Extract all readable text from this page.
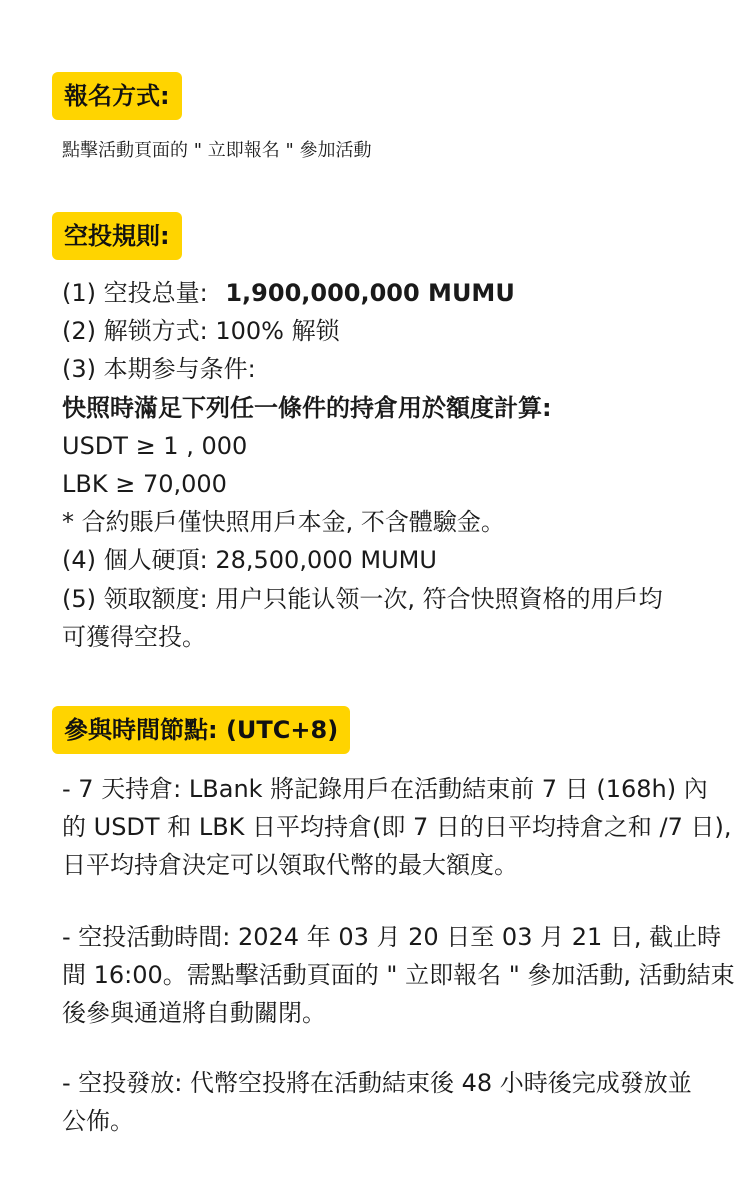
報名方式:
點擊活動頁面的 " 立即報名 " 參加活動
空投規則:
(1) 空投总量: 1,900,000,000 MUMU
(2) 解锁方式: 100% 解锁
(3) 本期参与条件:
快照時滿足下列任一條件的持倉用於額度計算:
USDT ≥ 1 , 000
LBK ≥ 70,000
* 合約賬戶僅快照用戶本金, 不含體驗金。
(4) 個人硬頂: 28,500,000 MUMU
(5) 领取额度: 用户只能认领一次, 符合快照資格的用戶均
可獲得空投。
參與時間節點: (UTC+8)
- 7 天持倉: LBank 將記錄用戶在活動結束前 7 日 (168h) 內
的 USDT 和 LBK 日平均持倉(即 7 日的日平均持倉之和 /7 日),
日平均持倉決定可以領取代幣的最大額度。
- 空投活動時間: 2024 年 03 月 20 日至 03 月 21 日, 截止時
間 16:00。需點擊活動頁面的 " 立即報名 " 參加活動, 活動結束
後參與通道將自動關閉。
- 空投發放: 代幣空投將在活動結束後 48 小時後完成發放並
公佈。
